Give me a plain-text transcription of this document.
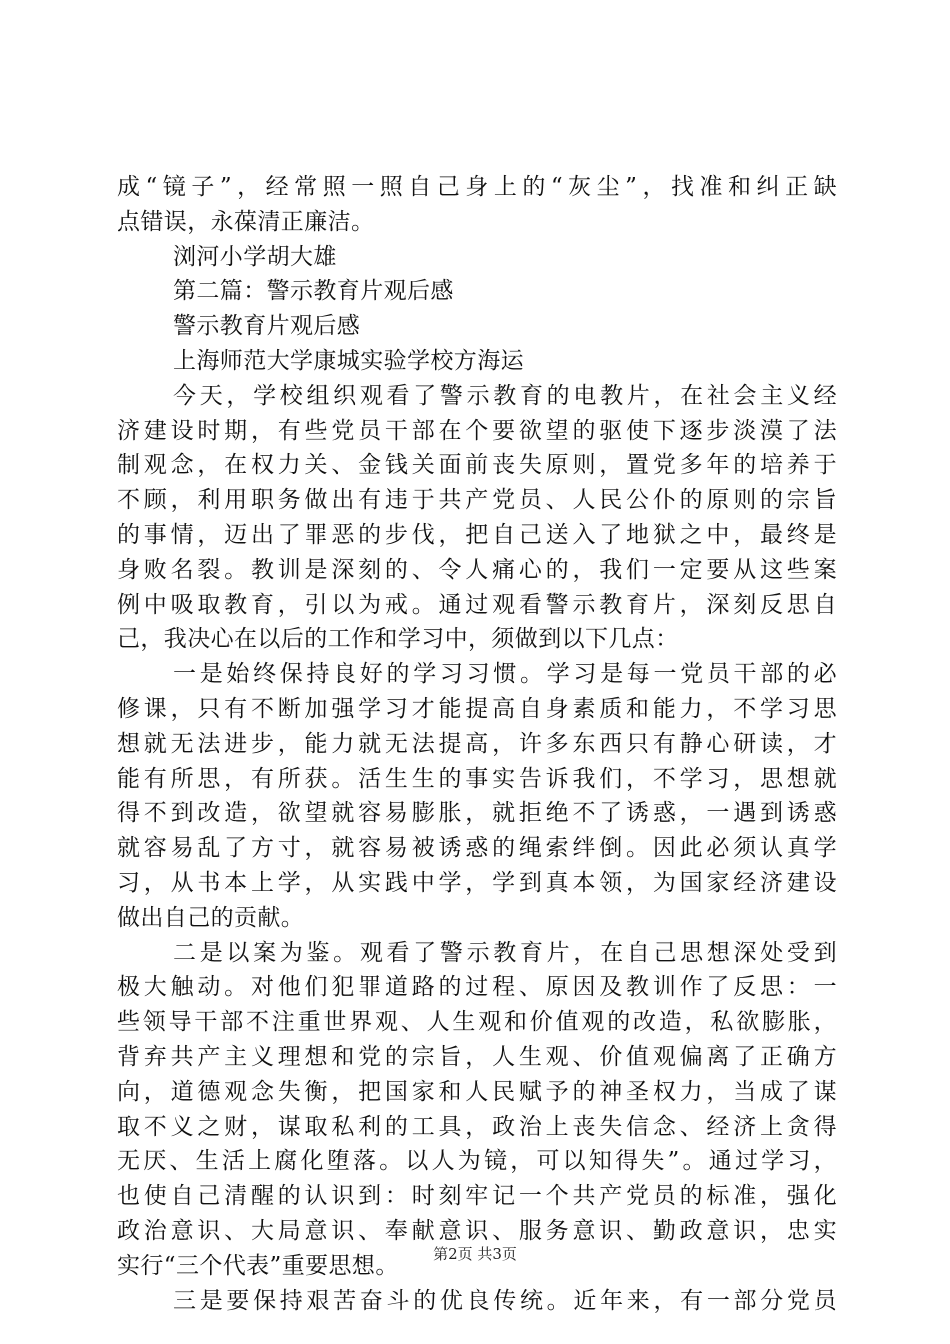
成“镜子”，经常照一照自己身上的“灰尘”，找准和纠正缺
点错误，永葆清正廉洁。
浏河小学胡大雄
第二篇：警示教育片观后感
警示教育片观后感
上海师范大学康城实验学校方海运
今天，学校组织观看了警示教育的电教片，在社会主义经
济建设时期，有些党员干部在个要欲望的驱使下逐步淡漠了法
制观念，在权力关、金钱关面前丧失原则，置党多年的培养于
不顾，利用职务做出有违于共产党员、人民公仆的原则的宗旨
的事情，迈出了罪恶的步伐，把自己送入了地狱之中，最终是
身败名裂。教训是深刻的、令人痛心的，我们一定要从这些案
例中吸取教育，引以为戒。通过观看警示教育片，深刻反思自
己，我决心在以后的工作和学习中，须做到以下几点：
一是始终保持良好的学习习惯。学习是每一党员干部的必
修课，只有不断加强学习才能提高自身素质和能力，不学习思
想就无法进步，能力就无法提高，许多东西只有静心研读，才
能有所思，有所获。活生生的事实告诉我们，不学习，思想就
得不到改造，欲望就容易膨胀，就拒绝不了诱惑，一遇到诱惑
就容易乱了方寸，就容易被诱惑的绳索绊倒。因此必须认真学
习，从书本上学，从实践中学，学到真本领，为国家经济建设
做出自己的贡献。
二是以案为鉴。观看了警示教育片，在自己思想深处受到
极大触动。对他们犯罪道路的过程、原因及教训作了反思：一
些领导干部不注重世界观、人生观和价值观的改造，私欲膨胀，
背弃共产主义理想和党的宗旨，人生观、价值观偏离了正确方
向，道德观念失衡，把国家和人民赋予的神圣权力，当成了谋
取不义之财，谋取私利的工具，政治上丧失信念、经济上贪得
无厌、生活上腐化堕落。以人为镜，可以知得失”。通过学习，
也使自己清醒的认识到：时刻牢记一个共产党员的标准，强化
政治意识、大局意识、奉献意识、服务意识、勤政意识，忠实
实行“三个代表”重要思想。
三是要保持艰苦奋斗的优良传统。近年来，有一部分党员
第2页 共3页
